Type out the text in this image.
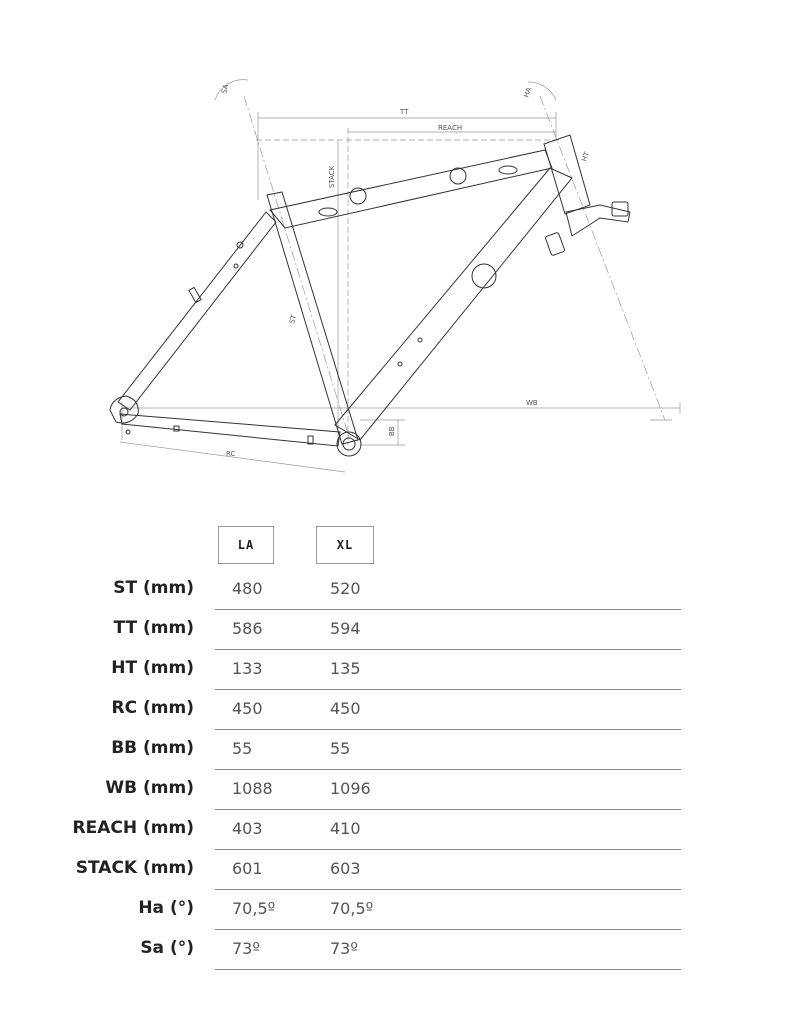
TT
REACH
STACK
HT
ST
WB
RC
BB
SA	HA
LA	XL
ST (mm) 480	520
TT (mm) 586	594
HT (mm) 133	135
RC (mm) 450	450
BB (mm) 55	55
WB (mm) 1088	1096
REACH (mm) 403	410
STACK (mm) 601	603
Ha (°) 70,5º	70,5º
Sa (°) 73º	73º
